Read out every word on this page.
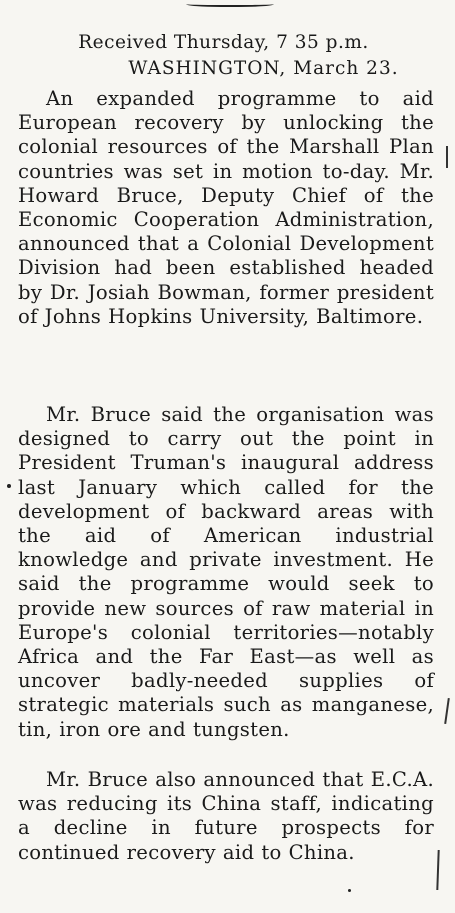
Received Thursday, 7 35 p.m.
WASHINGTON, March 23.

An expanded programme to aid European recovery by unlocking the colonial resources of the Marshall Plan countries was set in motion to-day. Mr. Howard Bruce, Deputy Chief of the Economic Cooperation Administration, announced that a Colonial Development Division had been established headed by Dr. Josiah Bowman, former president of Johns Hopkins University, Baltimore.

Mr. Bruce said the organisation was designed to carry out the point in President Truman's inaugural address last January which called for the development of backward areas with the aid of American industrial knowledge and private investment. He said the programme would seek to provide new sources of raw material in Europe's colonial territories—notably Africa and the Far East—as well as uncover badly-needed supplies of strategic materials such as manganese, tin, iron ore and tungsten.

Mr. Bruce also announced that E.C.A. was reducing its China staff, indicating a decline in future prospects for continued recovery aid to China.
